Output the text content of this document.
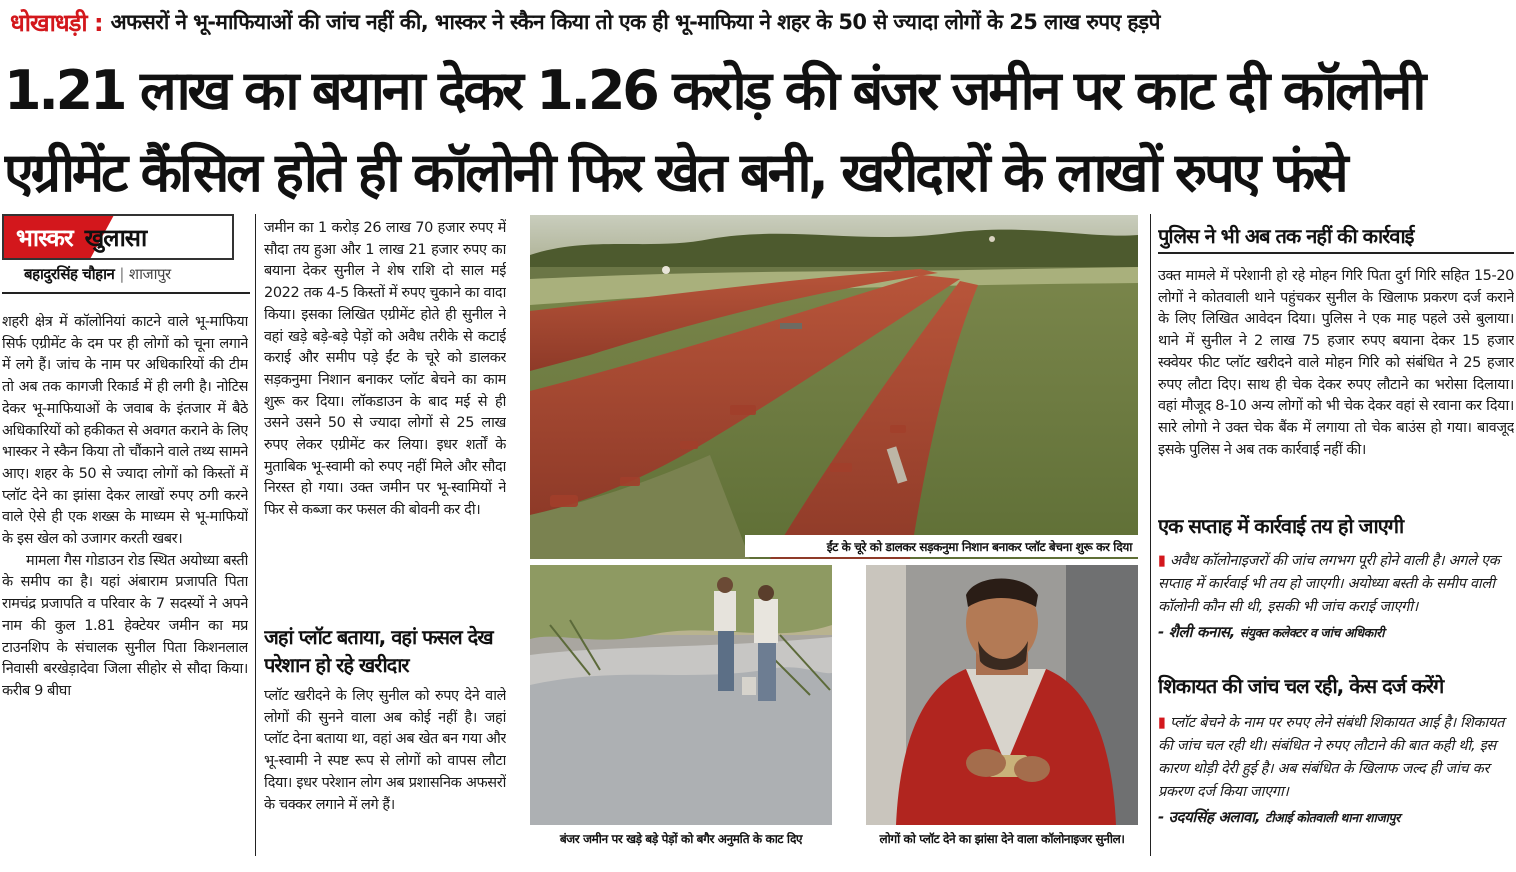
धोखाधड़ी : अफसरों ने भू-माफियाओं की जांच नहीं की, भास्कर ने स्कैन किया तो एक ही भू-माफिया ने शहर के 50 से ज्यादा लोगों के 25 लाख रुपए हड़पे
1.21 लाख का बयाना देकर 1.26 करोड़ की बंजर जमीन पर काट दी कॉलोनी
एग्रीमेंट कैंसिल होते ही कॉलोनी फिर खेत बनी, खरीदारों के लाखों रुपए फंसे
भास्कर खुलासा
बहादुरसिंह चौहान | शाजापुर

शहरी क्षेत्र में कॉलोनियां काटने वाले भू-माफिया सिर्फ एग्रीमेंट के दम पर ही लोगों को चूना लगाने में लगे हैं। जांच के नाम पर अधिकारियों की टीम तो अब तक कागजी रिकार्ड में ही लगी है। नोटिस देकर भू-माफियाओं के जवाब के इंतजार में बैठे अधिकारियों को हकीकत से अवगत कराने के लिए भास्कर ने स्कैन किया तो चौंकाने वाले तथ्य सामने आए। शहर के 50 से ज्यादा लोगों को किस्तों में प्लॉट देने का झांसा देकर लाखों रुपए ठगी करने वाले ऐसे ही एक शख्स के माध्यम से भू-माफियों के इस खेल को उजागर करती खबर।

मामला गैस गोडाउन रोड स्थित अयोध्या बस्ती के समीप का है। यहां अंबाराम प्रजापति पिता रामचंद्र प्रजापति व परिवार के 7 सदस्यों ने अपने नाम की कुल 1.81 हेक्टेयर जमीन का मप्र टाउनशिप के संचालक सुनील पिता किशनलाल निवासी बरखेड़ादेवा जिला सीहोर से सौदा किया। करीब 9 बीघा

जमीन का 1 करोड़ 26 लाख 70 हजार रुपए में सौदा तय हुआ और 1 लाख 21 हजार रुपए का बयाना देकर सुनील ने शेष राशि दो साल मई 2022 तक 4-5 किस्तों में रुपए चुकाने का वादा किया। इसका लिखित एग्रीमेंट होते ही सुनील ने वहां खड़े बड़े-बड़े पेड़ों को अवैध तरीके से कटाई कराई और समीप पड़े ईंट के चूरे को डालकर सड़कनुमा निशान बनाकर प्लॉट बेचने का काम शुरू कर दिया। लॉकडाउन के बाद मई से ही उसने उसने 50 से ज्यादा लोगों से 25 लाख रुपए लेकर एग्रीमेंट कर लिया। इधर शर्तों के मुताबिक भू-स्वामी को रुपए नहीं मिले और सौदा निरस्त हो गया। उक्त जमीन पर भू-स्वामियों ने फिर से कब्जा कर फसल की बोवनी कर दी।

जहां प्लॉट बताया, वहां फसल देख परेशान हो रहे खरीदार

प्लॉट खरीदने के लिए सुनील को रुपए देने वाले लोगों की सुनने वाला अब कोई नहीं है। जहां प्लॉट देना बताया था, वहां अब खेत बन गया और भू-स्वामी ने स्पष्ट रूप से लोगों को वापस लौटा दिया। इधर परेशान लोग अब प्रशासनिक अफसरों के चक्कर लगाने में लगे हैं।

ईंट के चूरे को डालकर सड़कनुमा निशान बनाकर प्लॉट बेचना शुरू कर दिया
बंजर जमीन पर खड़े बड़े पेड़ों को बगैर अनुमति के काट दिए	लोगों को प्लॉट देने का झांसा देने वाला कॉलोनाइजर सुनील।
पुलिस ने भी अब तक नहीं की कार्रवाई

उक्त मामले में परेशानी हो रहे मोहन गिरि पिता दुर्ग गिरि सहित 15-20 लोगों ने कोतवाली थाने पहुंचकर सुनील के खिलाफ प्रकरण दर्ज कराने के लिए लिखित आवेदन दिया। पुलिस ने एक माह पहले उसे बुलाया। थाने में सुनील ने 2 लाख 75 हजार रुपए बयाना देकर 15 हजार स्क्वेयर फीट प्लॉट खरीदने वाले मोहन गिरि को संबंधित ने 25 हजार रुपए लौटा दिए। साथ ही चेक देकर रुपए लौटाने का भरोसा दिलाया। वहां मौजूद 8-10 अन्य लोगों को भी चेक देकर वहां से रवाना कर दिया। सारे लोगो ने उक्त चेक बैंक में लगाया तो चेक बाउंस हो गया। बावजूद इसके पुलिस ने अब तक कार्रवाई नहीं की।

एक सप्ताह में कार्रवाई तय हो जाएगी
▮ अवैध कॉलोनाइजरों की जांच लगभग पूरी होने वाली है। अगले एक सप्ताह में कार्रवाई भी तय हो जाएगी। अयोध्या बस्ती के समीप वाली कॉलोनी कौन सी थी, इसकी भी जांच कराई जाएगी।
- शैली कनास, संयुक्त कलेक्टर व जांच अधिकारी
शिकायत की जांच चल रही, केस दर्ज करेंगे
▮ प्लॉट बेचने के नाम पर रुपए लेने संबंधी शिकायत आई है। शिकायत की जांच चल रही थी। संबंधित ने रुपए लौटाने की बात कही थी, इस कारण थोड़ी देरी हुई है। अब संबंधित के खिलाफ जल्द ही जांच कर प्रकरण दर्ज किया जाएगा।
- उदयसिंह अलावा, टीआई कोतवाली थाना शाजापुर
